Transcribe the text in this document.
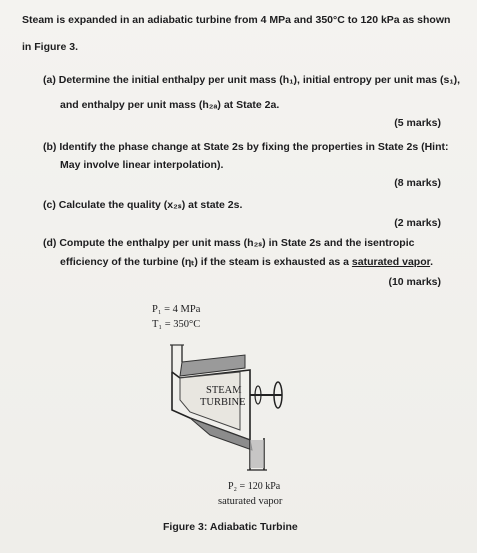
Steam is expanded in an adiabatic turbine from 4 MPa and 350°C to 120 kPa as shown
in Figure 3.
(a) Determine the initial enthalpy per unit mass (h₁), initial entropy per unit mas (s₁),
and enthalpy per unit mass (h₂ₐ) at State 2a.
(5 marks)
(b) Identify the phase change at State 2s by fixing the properties in State 2s (Hint:
May involve linear interpolation).
(8 marks)
(c) Calculate the quality (x₂ₛ) at state 2s.
(2 marks)
(d) Compute the enthalpy per unit mass (h₂ₛ) in State 2s and the isentropic
efficiency of the turbine (ηₜ) if the steam is exhausted as a saturated vapor.
(10 marks)
P₁ = 4 MPa
T₁ = 350°C
STEAM
TURBINE
P₂ = 120 kPa
saturated vapor
Figure 3: Adiabatic Turbine
